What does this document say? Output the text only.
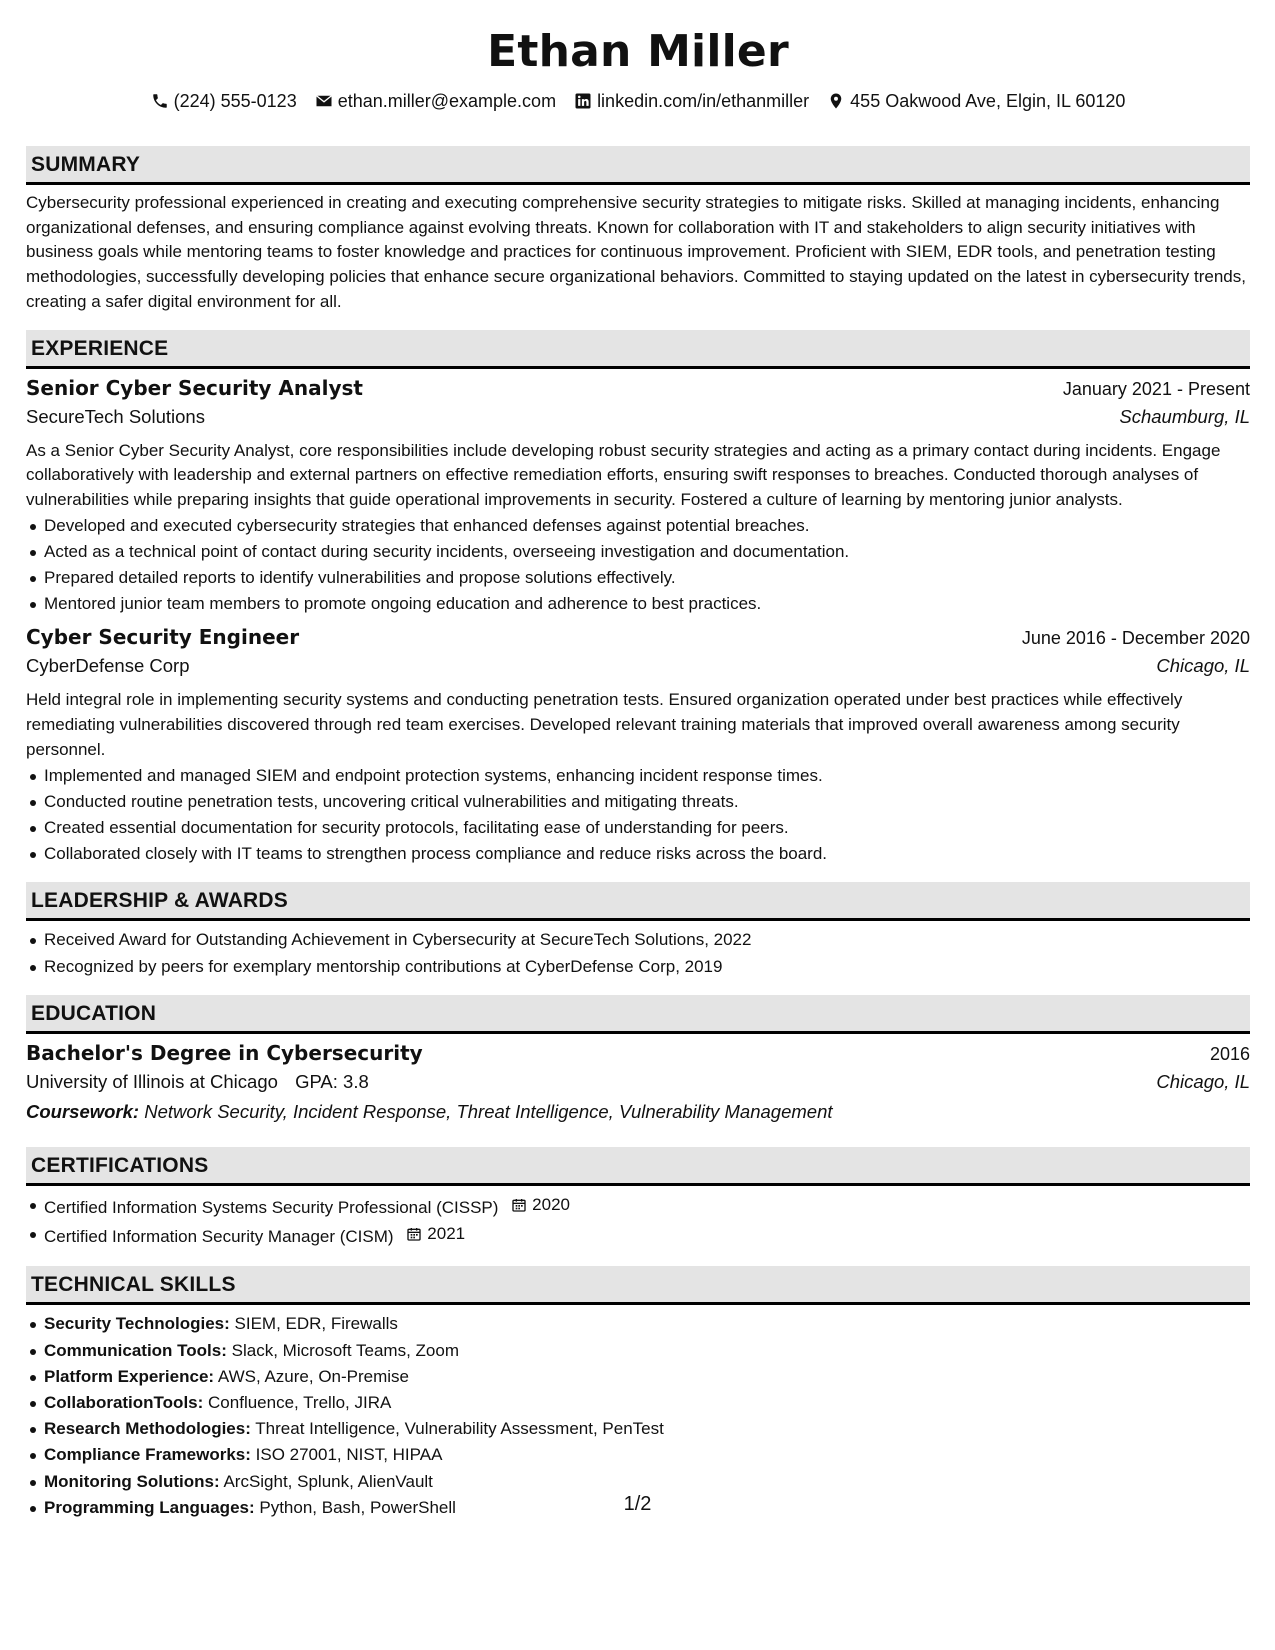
Ethan Miller
(224) 555-0123 ethan.miller@example.com linkedin.com/in/ethanmiller 455 Oakwood Ave, Elgin, IL 60120
SUMMARY

Cybersecurity professional experienced in creating and executing comprehensive security strategies to mitigate risks. Skilled at managing incidents, enhancing organizational defenses, and ensuring compliance against evolving threats. Known for collaboration with IT and stakeholders to align security initiatives with business goals while mentoring teams to foster knowledge and practices for continuous improvement. Proficient with SIEM, EDR tools, and penetration testing methodologies, successfully developing policies that enhance secure organizational behaviors. Committed to staying updated on the latest in cybersecurity trends, creating a safer digital environment for all.

EXPERIENCE
Senior Cyber Security Analyst	January 2021 - Present
SecureTech Solutions	Schaumburg, IL

As a Senior Cyber Security Analyst, core responsibilities include developing robust security strategies and acting as a primary contact during incidents. Engage collaboratively with leadership and external partners on effective remediation efforts, ensuring swift responses to breaches. Conducted thorough analyses of vulnerabilities while preparing insights that guide operational improvements in security. Fostered a culture of learning by mentoring junior analysts.

Developed and executed cybersecurity strategies that enhanced defenses against potential breaches.
Acted as a technical point of contact during security incidents, overseeing investigation and documentation.
Prepared detailed reports to identify vulnerabilities and propose solutions effectively.
Mentored junior team members to promote ongoing education and adherence to best practices.
Cyber Security Engineer	June 2016 - December 2020
CyberDefense Corp	Chicago, IL

Held integral role in implementing security systems and conducting penetration tests. Ensured organization operated under best practices while effectively remediating vulnerabilities discovered through red team exercises. Developed relevant training materials that improved overall awareness among security personnel.

Implemented and managed SIEM and endpoint protection systems, enhancing incident response times.
Conducted routine penetration tests, uncovering critical vulnerabilities and mitigating threats.
Created essential documentation for security protocols, facilitating ease of understanding for peers.
Collaborated closely with IT teams to strengthen process compliance and reduce risks across the board.
LEADERSHIP & AWARDS
Received Award for Outstanding Achievement in Cybersecurity at SecureTech Solutions, 2022
Recognized by peers for exemplary mentorship contributions at CyberDefense Corp, 2019
EDUCATION
Bachelor's Degree in Cybersecurity	2016
University of Illinois at Chicago GPA: 3.8	Chicago, IL
Coursework: Network Security, Incident Response, Threat Intelligence, Vulnerability Management
CERTIFICATIONS
Certified Information Systems Security Professional (CISSP) 2020
Certified Information Security Manager (CISM) 2021
TECHNICAL SKILLS
Security Technologies: SIEM, EDR, Firewalls
Communication Tools: Slack, Microsoft Teams, Zoom
Platform Experience: AWS, Azure, On-Premise
CollaborationTools: Confluence, Trello, JIRA
Research Methodologies: Threat Intelligence, Vulnerability Assessment, PenTest
Compliance Frameworks: ISO 27001, NIST, HIPAA
Monitoring Solutions: ArcSight, Splunk, AlienVault
Programming Languages: Python, Bash, PowerShell	1/2
